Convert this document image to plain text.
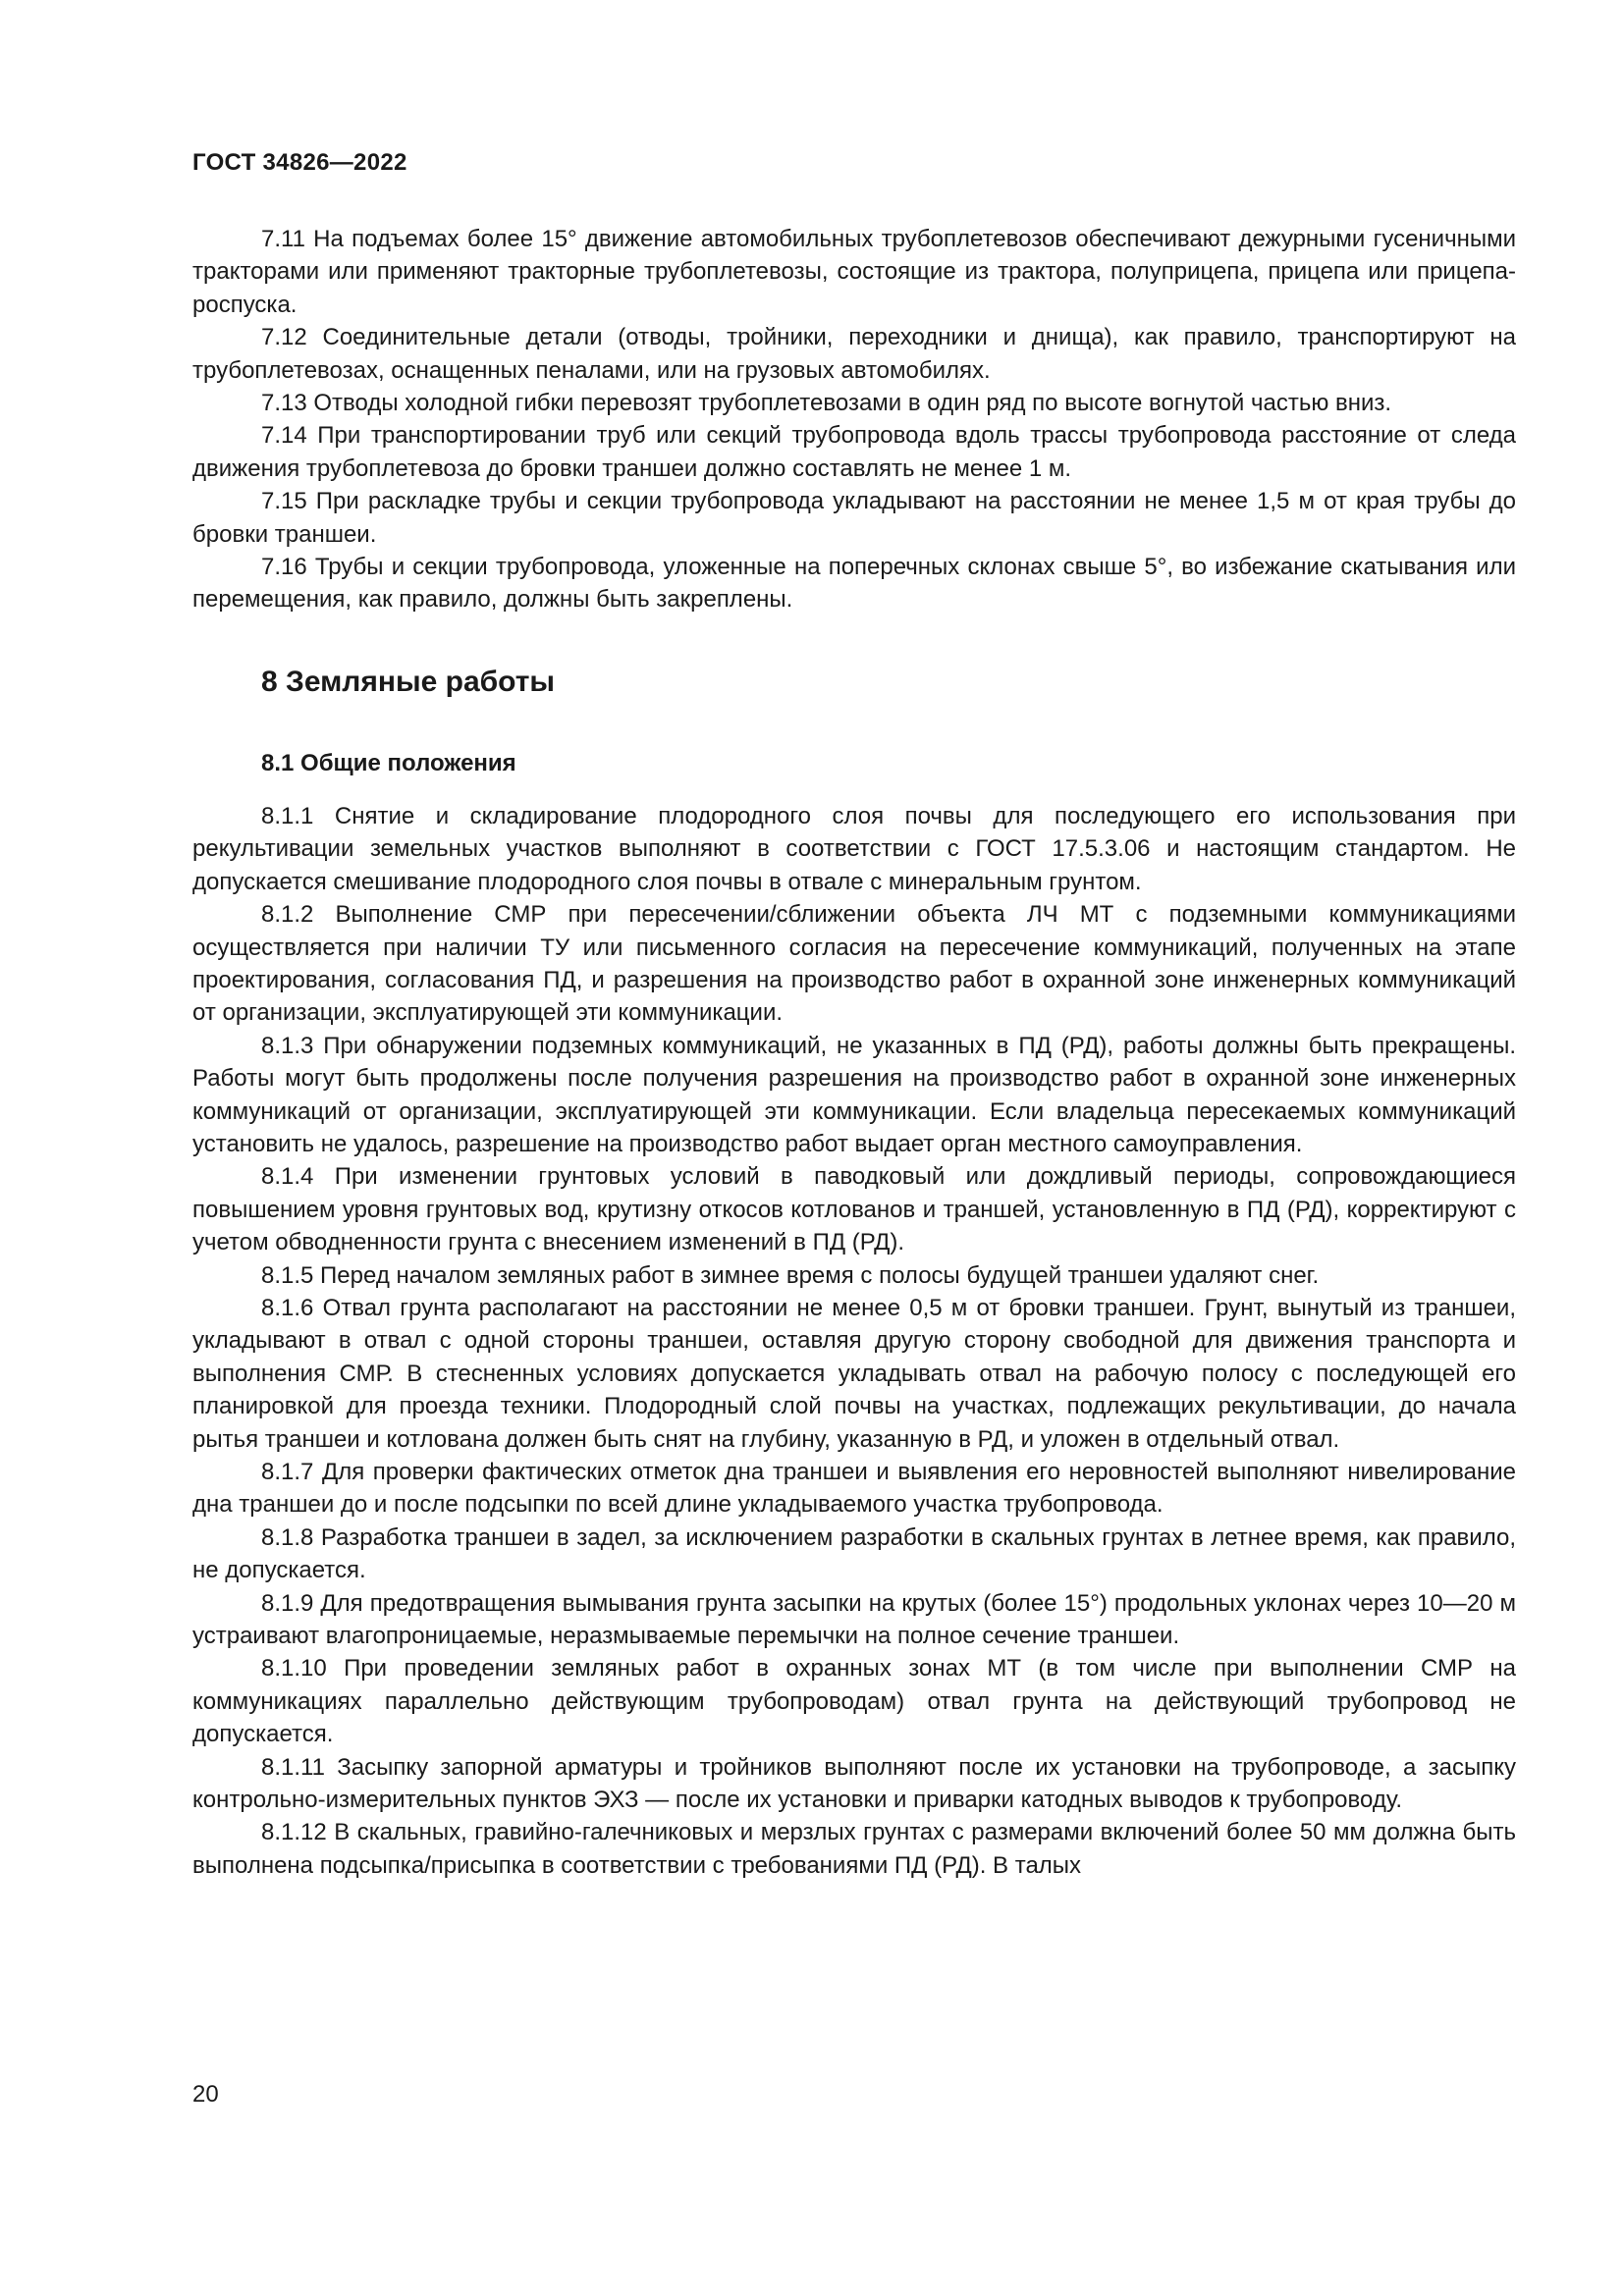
ГОСТ 34826—2022

7.11 На подъемах более 15° движение автомобильных трубоплетевозов обеспечивают дежурными гусеничными тракторами или применяют тракторные трубоплетевозы, состоящие из трактора, полуприцепа, прицепа или прицепа-роспуска.

7.12 Соединительные детали (отводы, тройники, переходники и днища), как правило, транспортируют на трубоплетевозах, оснащенных пеналами, или на грузовых автомобилях.

7.13 Отводы холодной гибки перевозят трубоплетевозами в один ряд по высоте вогнутой частью вниз.

7.14 При транспортировании труб или секций трубопровода вдоль трассы трубопровода расстояние от следа движения трубоплетевоза до бровки траншеи должно составлять не менее 1 м.

7.15 При раскладке трубы и секции трубопровода укладывают на расстоянии не менее 1,5 м от края трубы до бровки траншеи.

7.16 Трубы и секции трубопровода, уложенные на поперечных склонах свыше 5°, во избежание скатывания или перемещения, как правило, должны быть закреплены.

8 Земляные работы
8.1 Общие положения

8.1.1 Снятие и складирование плодородного слоя почвы для последующего его использования при рекультивации земельных участков выполняют в соответствии с ГОСТ 17.5.3.06 и настоящим стандартом. Не допускается смешивание плодородного слоя почвы в отвале с минеральным грунтом.

8.1.2 Выполнение СМР при пересечении/сближении объекта ЛЧ МТ с подземными коммуникациями осуществляется при наличии ТУ или письменного согласия на пересечение коммуникаций, полученных на этапе проектирования, согласования ПД, и разрешения на производство работ в охранной зоне инженерных коммуникаций от организации, эксплуатирующей эти коммуникации.

8.1.3 При обнаружении подземных коммуникаций, не указанных в ПД (РД), работы должны быть прекращены. Работы могут быть продолжены после получения разрешения на производство работ в охранной зоне инженерных коммуникаций от организации, эксплуатирующей эти коммуникации. Если владельца пересекаемых коммуникаций установить не удалось, разрешение на производство работ выдает орган местного самоуправления.

8.1.4 При изменении грунтовых условий в паводковый или дождливый периоды, сопровождающиеся повышением уровня грунтовых вод, крутизну откосов котлованов и траншей, установленную в ПД (РД), корректируют с учетом обводненности грунта с внесением изменений в ПД (РД).

8.1.5 Перед началом земляных работ в зимнее время с полосы будущей траншеи удаляют снег.

8.1.6 Отвал грунта располагают на расстоянии не менее 0,5 м от бровки траншеи. Грунт, вынутый из траншеи, укладывают в отвал с одной стороны траншеи, оставляя другую сторону свободной для движения транспорта и выполнения СМР. В стесненных условиях допускается укладывать отвал на рабочую полосу с последующей его планировкой для проезда техники. Плодородный слой почвы на участках, подлежащих рекультивации, до начала рытья траншеи и котлована должен быть снят на глубину, указанную в РД, и уложен в отдельный отвал.

8.1.7 Для проверки фактических отметок дна траншеи и выявления его неровностей выполняют нивелирование дна траншеи до и после подсыпки по всей длине укладываемого участка трубопровода.

8.1.8 Разработка траншеи в задел, за исключением разработки в скальных грунтах в летнее время, как правило, не допускается.

8.1.9 Для предотвращения вымывания грунта засыпки на крутых (более 15°) продольных уклонах через 10—20 м устраивают влагопроницаемые, неразмываемые перемычки на полное сечение траншеи.

8.1.10 При проведении земляных работ в охранных зонах МТ (в том числе при выполнении СМР на коммуникациях параллельно действующим трубопроводам) отвал грунта на действующий трубопровод не допускается.

8.1.11 Засыпку запорной арматуры и тройников выполняют после их установки на трубопроводе, а засыпку контрольно-измерительных пунктов ЭХЗ — после их установки и приварки катодных выводов к трубопроводу.

8.1.12 В скальных, гравийно-галечниковых и мерзлых грунтах с размерами включений более 50 мм должна быть выполнена подсыпка/присыпка в соответствии с требованиями ПД (РД). В талых

20
